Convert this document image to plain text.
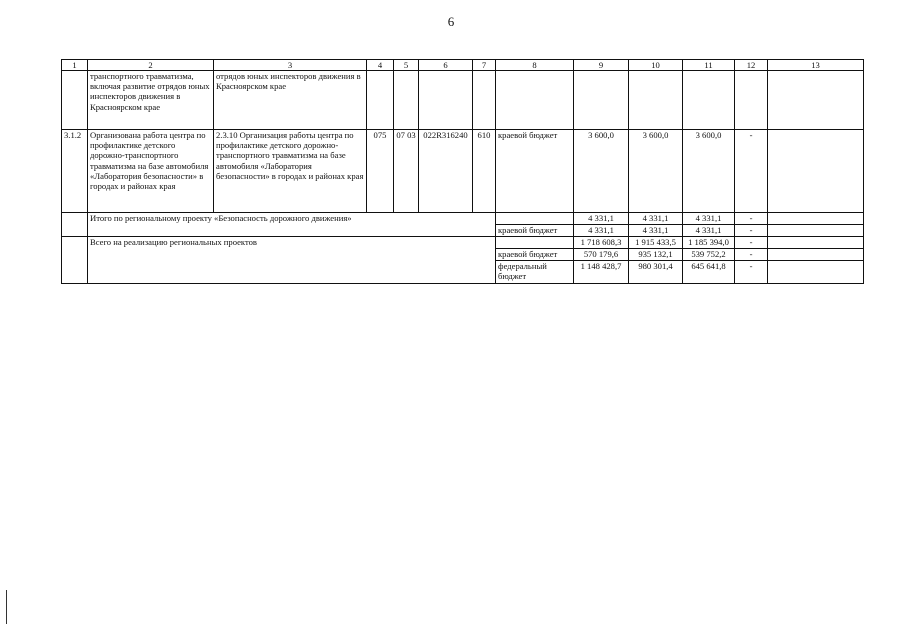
6
1	2	3	4	5	6	7	8	9	10	11	12	13
	транспортного травматизма, включая развитие отрядов юных инспекторов движения в Красноярском крае	отрядов юных инспекторов движения в Красноярском крае										
3.1.2	Организована работа центра по профилактике детского дорожно-транспортного травматизма на базе автомобиля «Лаборатория безопасности» в городах и районах края	2.3.10 Организация работы центра по профилактике детского дорожно-транспортного травматизма на базе автомобиля «Лаборатория безопасности» в городах и районах края	075	07 03	022R316240	610	краевой бюджет	3 600,0	3 600,0	3 600,0	-	
	Итого по региональному проекту «Безопасность дорожного движения»							4 331,1	4 331,1	4 331,1	-	
							краевой бюджет	4 331,1	4 331,1	4 331,1	-	
	Всего на реализацию региональных проектов							1 718 608,3	1 915 433,5	1 185 394,0	-	
							краевой бюджет	570 179,6	935 132,1	539 752,2	-	
							федеральный бюджет	1 148 428,7	980 301,4	645 641,8	-	
